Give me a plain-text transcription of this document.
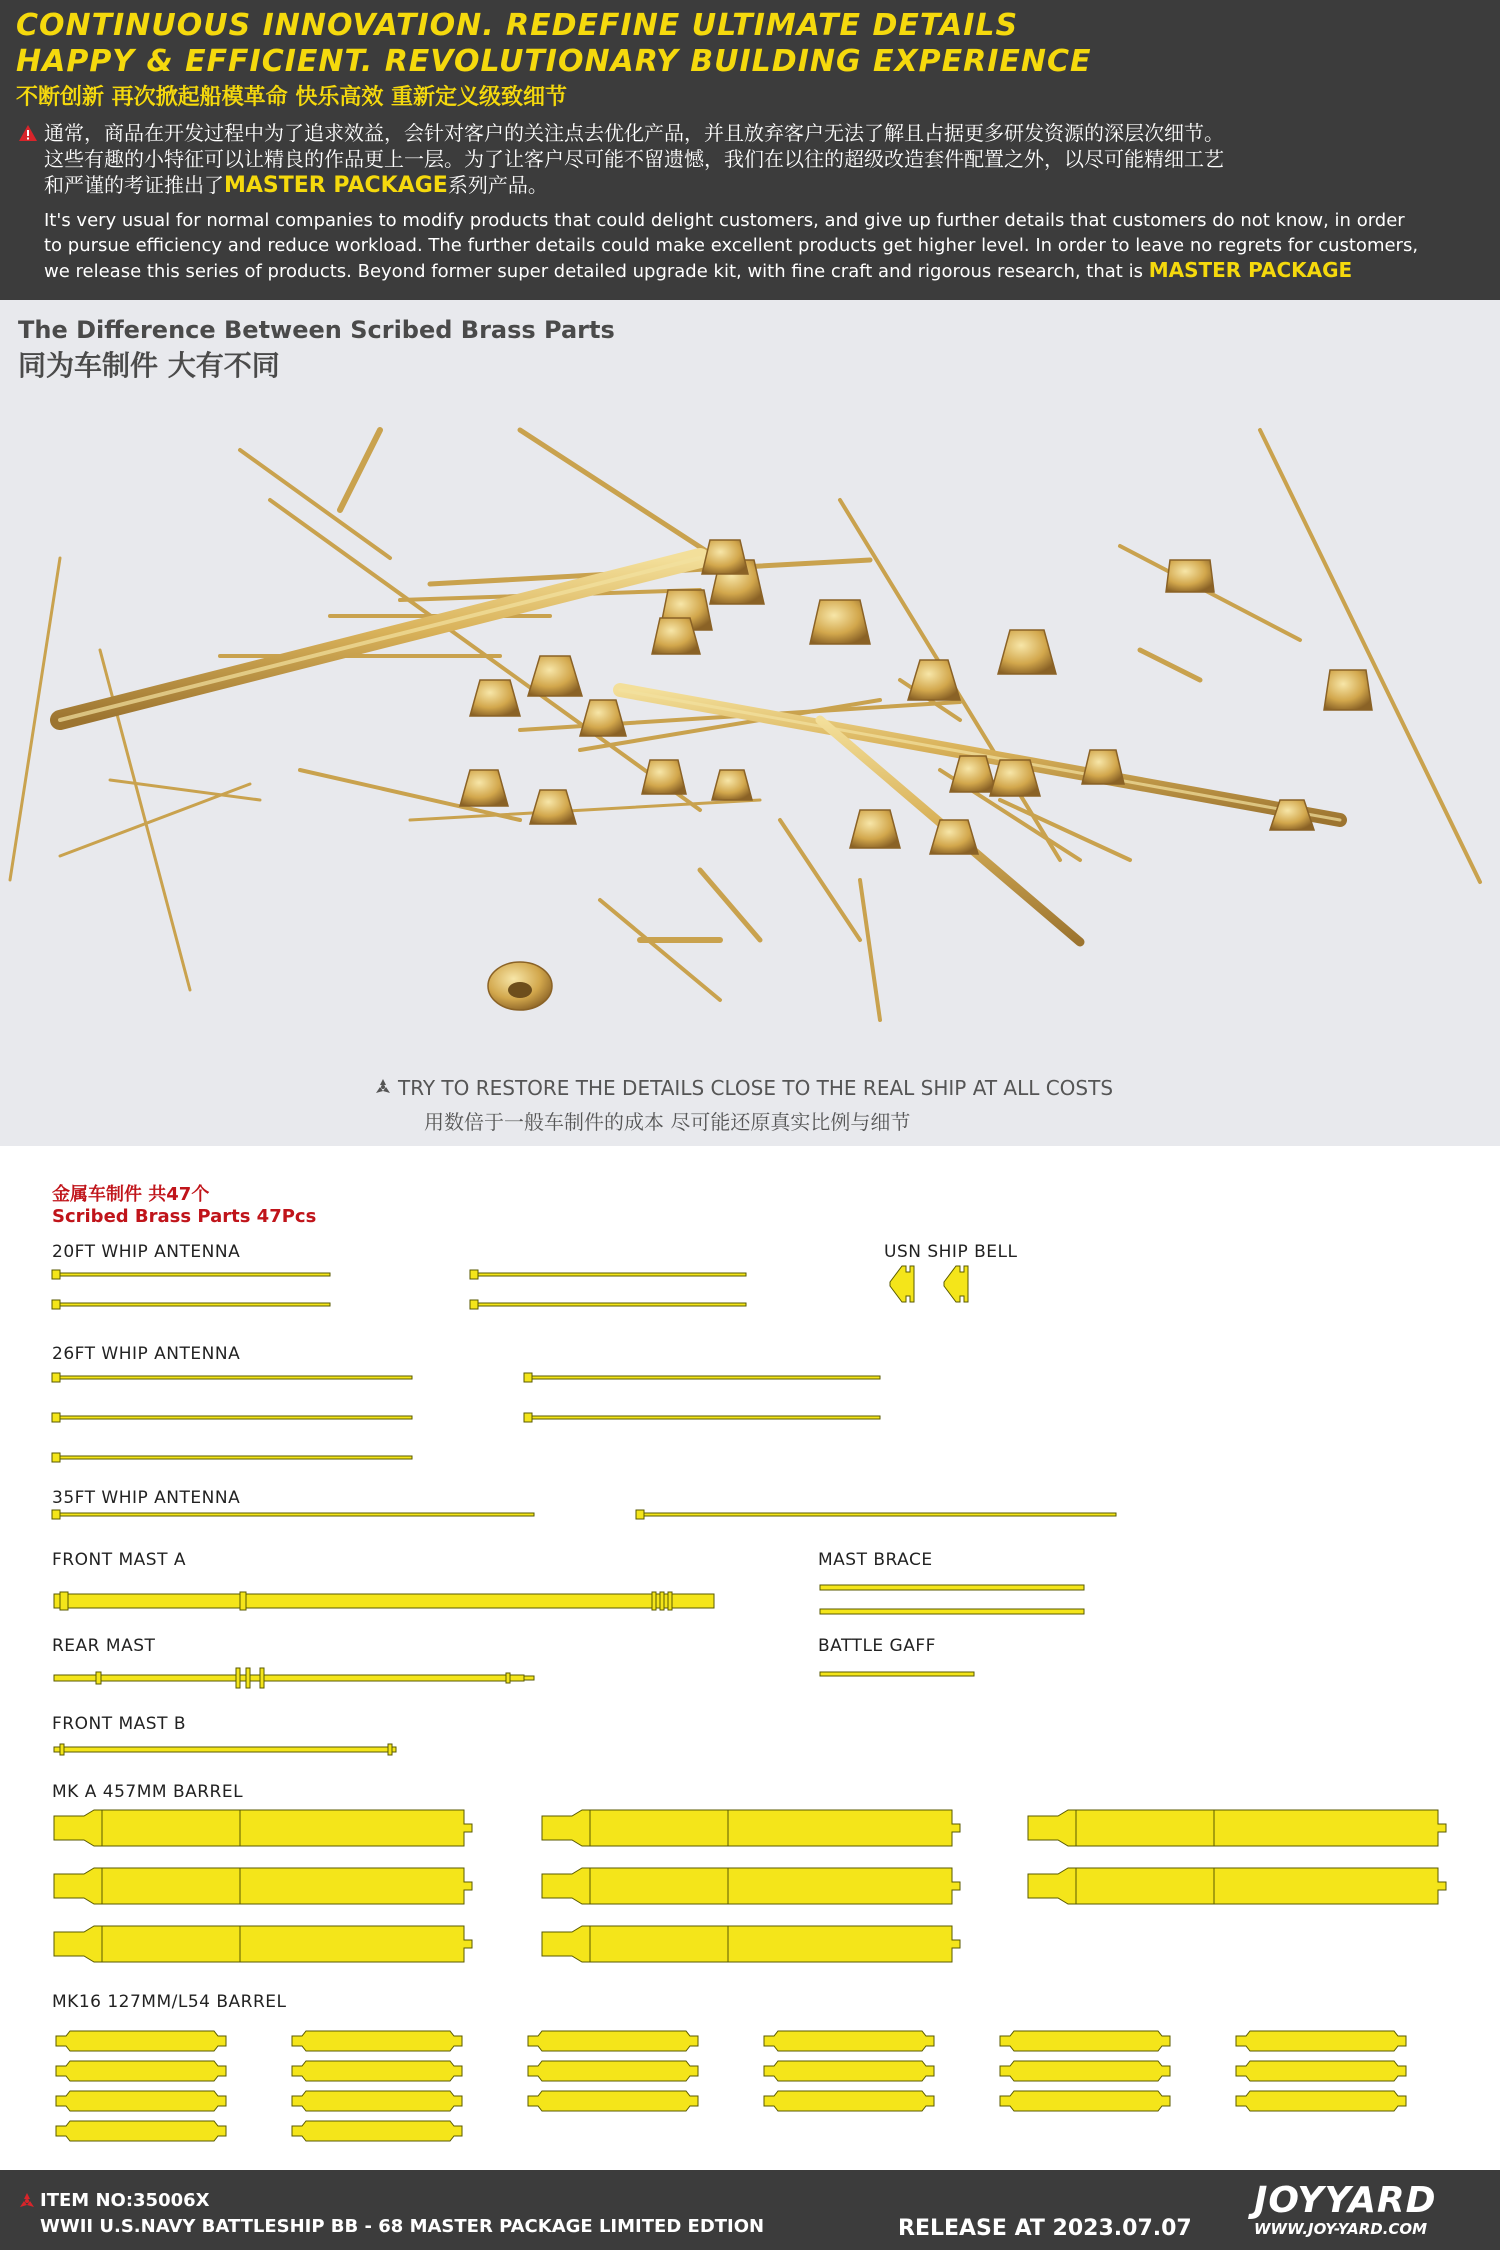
CONTINUOUS INNOVATION. REDEFINE ULTIMATE DETAILS
HAPPY & EFFICIENT. REVOLUTIONARY BUILDING EXPERIENCE
不断创新 再次掀起船模革命 快乐高效 重新定义级致细节
通常，商品在开发过程中为了追求效益，会针对客户的关注点去优化产品，并且放弃客户无法了解且占据更多研发资源的深层次细节。
这些有趣的小特征可以让精良的作品更上一层。为了让客户尽可能不留遗憾，我们在以往的超级改造套件配置之外，以尽可能精细工艺
和严谨的考证推出了MASTER PACKAGE系列产品。
It's very usual for normal companies to modify products that could delight customers, and give up further details that customers do not know, in order
to pursue efficiency and reduce workload. The further details could make excellent products get higher level. In order to leave no regrets for customers,
we release this series of products. Beyond former super detailed upgrade kit, with fine craft and rigorous research, that is MASTER PACKAGE
The Difference Between Scribed Brass Parts
同为车制件 大有不同
TRY TO RESTORE THE DETAILS CLOSE TO THE REAL SHIP AT ALL COSTS
用数倍于一般车制件的成本 尽可能还原真实比例与细节
金属车制件 共47个
Scribed Brass Parts 47Pcs
20FT WHIP ANTENNA	USN SHIP BELL
26FT WHIP ANTENNA
35FT WHIP ANTENNA
FRONT MAST A	MAST BRACE
REAR MAST	BATTLE GAFF
FRONT MAST B
MK A 457MM BARREL
MK16 127MM/L54 BARREL
ITEM NO:35006X
WWII U.S.NAVY BATTLESHIP BB - 68 MASTER PACKAGE LIMITED EDTION	RELEASE AT 2023.07.07
JOYYARD
WWW.JOY-YARD.COM
